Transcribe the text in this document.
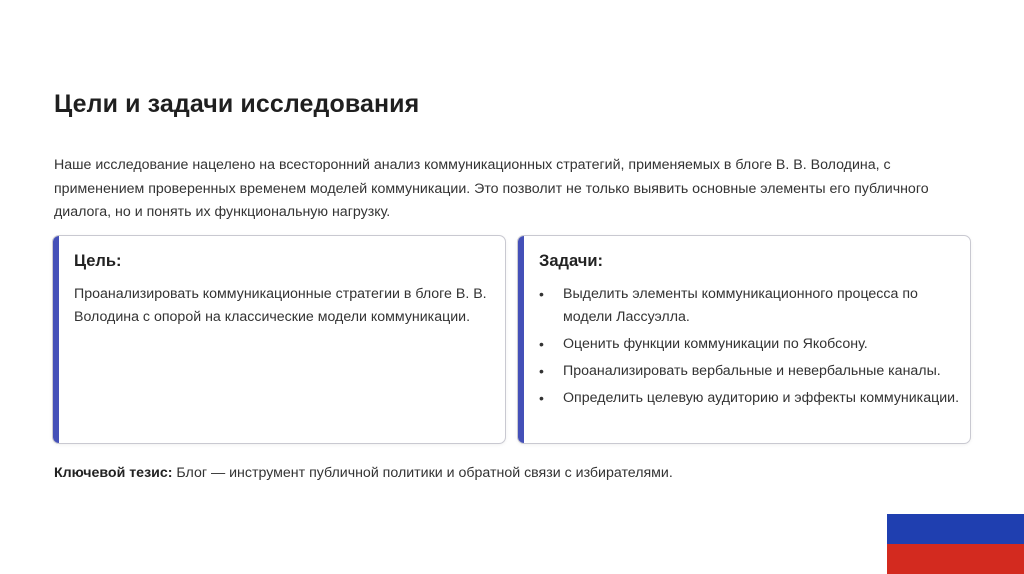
Цели и задачи исследования

Наше исследование нацелено на всесторонний анализ коммуникационных стратегий, применяемых в блоге В. В. Володина, с применением проверенных временем моделей коммуникации. Это позволит не только выявить основные элементы его публичного диалога, но и понять их функциональную нагрузку.

Цель:

Проанализировать коммуникационные стратегии в блоге В. В. Володина с опорой на классические модели коммуникации.

Задачи:
• Выделить элементы коммуникационного процесса по модели Лассуэлла.
• Оценить функции коммуникации по Якобсону.
• Проанализировать вербальные и невербальные каналы.
• Определить целевую аудиторию и эффекты коммуникации.

Ключевой тезис: Блог — инструмент публичной политики и обратной связи с избирателями.
